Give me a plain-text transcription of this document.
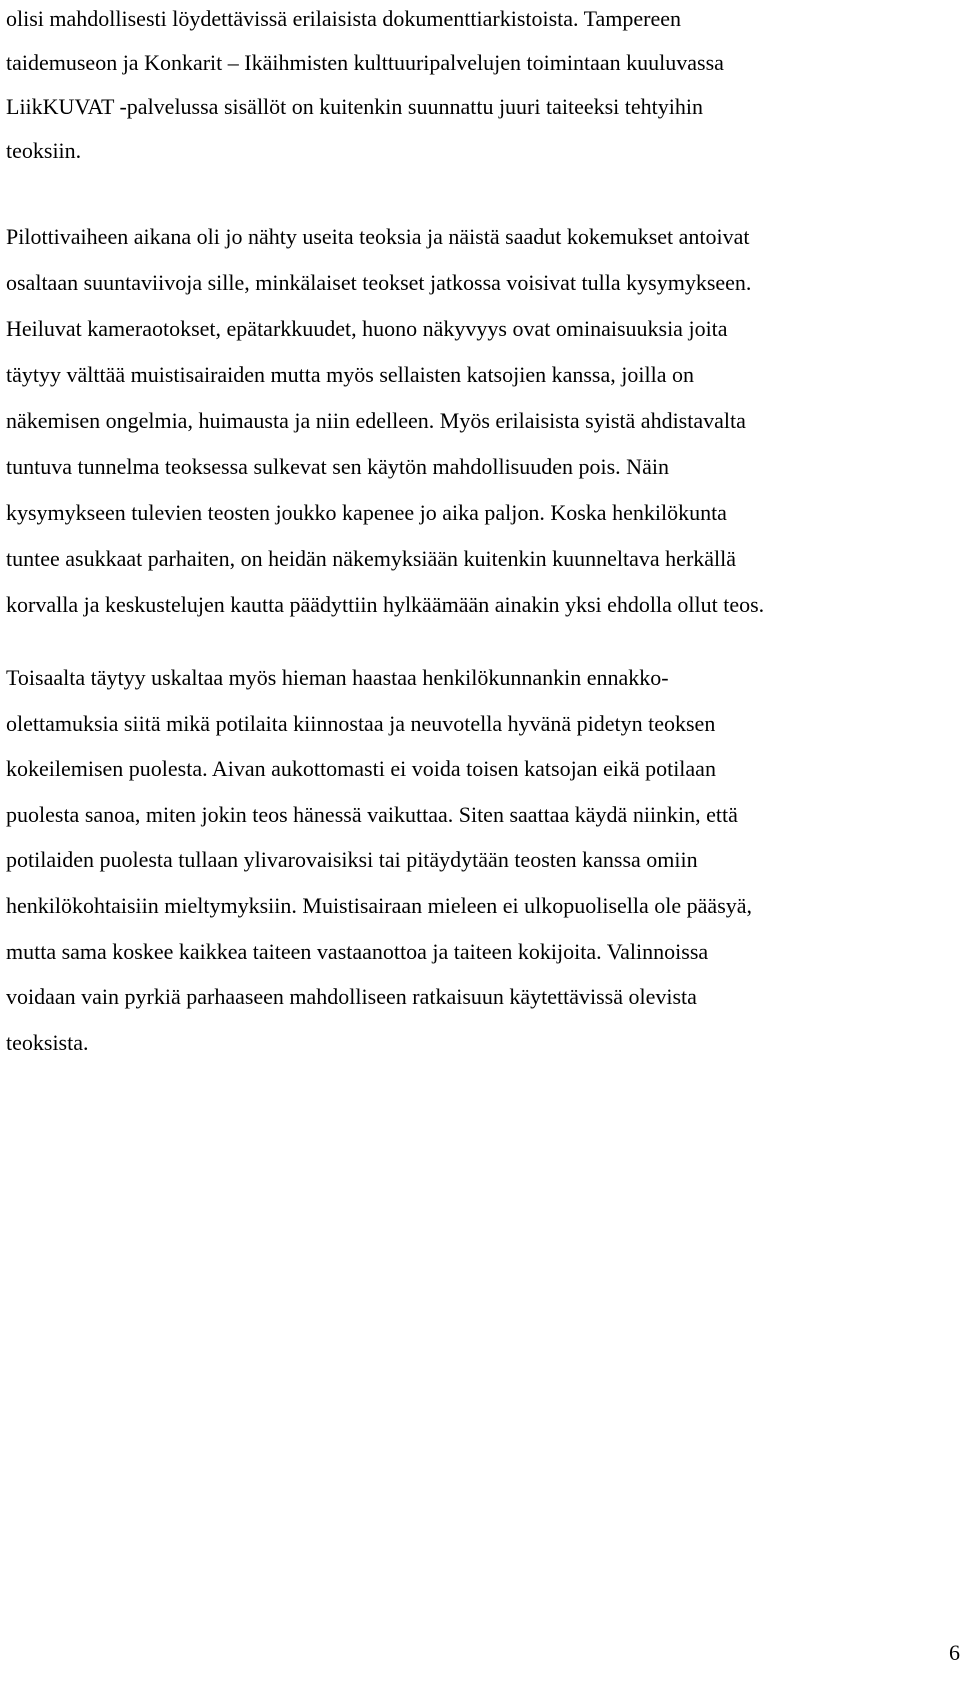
olisi mahdollisesti löydettävissä erilaisista dokumenttiarkistoista. Tampereen
taidemuseon ja Konkarit – Ikäihmisten kulttuuripalvelujen toimintaan kuuluvassa
LiikKUVAT -palvelussa sisällöt on kuitenkin suunnattu juuri taiteeksi tehtyihin
teoksiin.
Pilottivaiheen aikana oli jo nähty useita teoksia ja näistä saadut kokemukset antoivat
osaltaan suuntaviivoja sille, minkälaiset teokset jatkossa voisivat tulla kysymykseen.
Heiluvat kameraotokset, epätarkkuudet, huono näkyvyys ovat ominaisuuksia joita
täytyy välttää muistisairaiden mutta myös sellaisten katsojien kanssa, joilla on
näkemisen ongelmia, huimausta ja niin edelleen. Myös erilaisista syistä ahdistavalta
tuntuva tunnelma teoksessa sulkevat sen käytön mahdollisuuden pois. Näin
kysymykseen tulevien teosten joukko kapenee jo aika paljon. Koska henkilökunta
tuntee asukkaat parhaiten, on heidän näkemyksiään kuitenkin kuunneltava herkällä
korvalla ja keskustelujen kautta päädyttiin hylkäämään ainakin yksi ehdolla ollut teos.
Toisaalta täytyy uskaltaa myös hieman haastaa henkilökunnankin ennakko-
olettamuksia siitä mikä potilaita kiinnostaa ja neuvotella hyvänä pidetyn teoksen
kokeilemisen puolesta. Aivan aukottomasti ei voida toisen katsojan eikä potilaan
puolesta sanoa, miten jokin teos hänessä vaikuttaa. Siten saattaa käydä niinkin, että
potilaiden puolesta tullaan ylivarovaisiksi tai pitäydytään teosten kanssa omiin
henkilökohtaisiin mieltymyksiin. Muistisairaan mieleen ei ulkopuolisella ole pääsyä,
mutta sama koskee kaikkea taiteen vastaanottoa ja taiteen kokijoita. Valinnoissa
voidaan vain pyrkiä parhaaseen mahdolliseen ratkaisuun käytettävissä olevista
teoksista.
6
